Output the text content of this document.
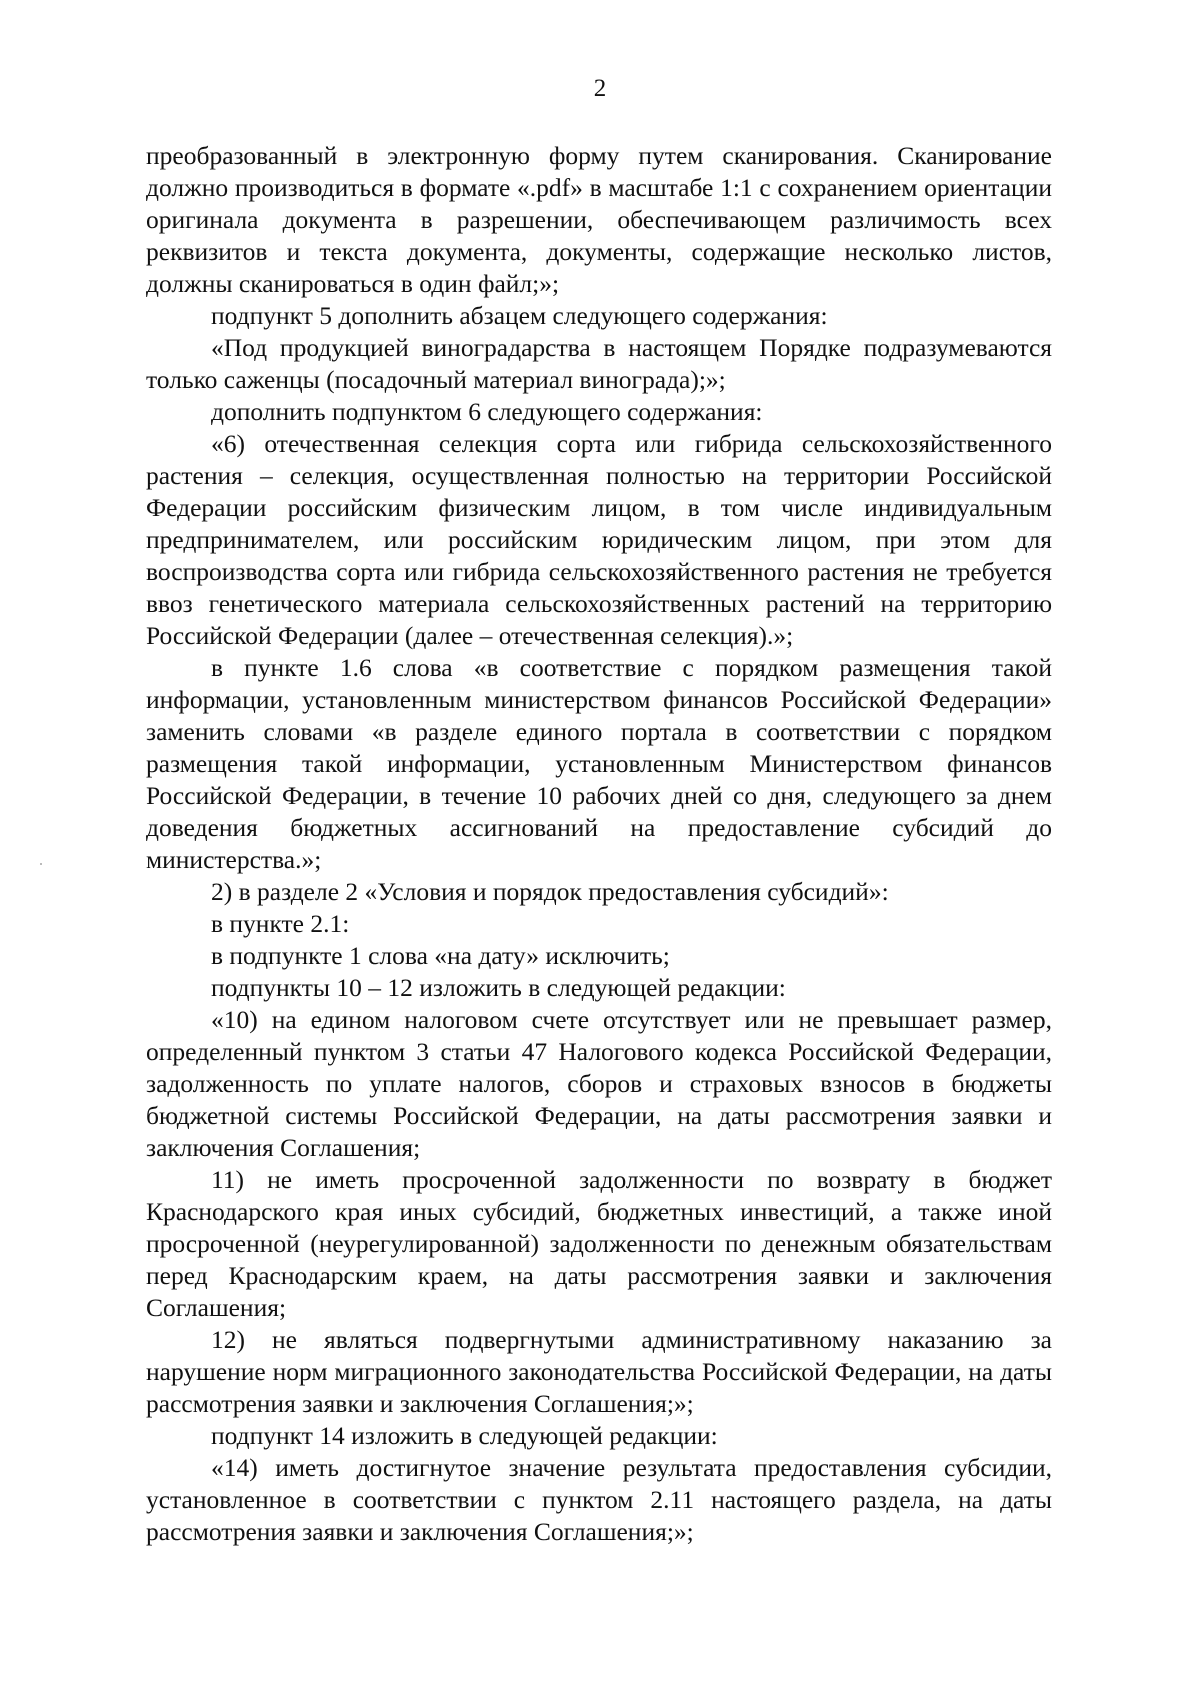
2

преобразованный в электронную форму путем сканирования. Сканирование должно производиться в формате «.pdf» в масштабе 1:1 с сохранением ориентации оригинала документа в разрешении, обеспечивающем различимость всех реквизитов и текста документа, документы, содержащие несколько листов, должны сканироваться в один файл;»;

подпункт 5 дополнить абзацем следующего содержания:

«Под продукцией виноградарства в настоящем Порядке подразумеваются только саженцы (посадочный материал винограда);»;

дополнить подпунктом 6 следующего содержания:

«6) отечественная селекция сорта или гибрида сельскохозяйственного растения – селекция, осуществленная полностью на территории Российской Федерации российским физическим лицом, в том числе индивидуальным предпринимателем, или российским юридическим лицом, при этом для воспроизводства сорта или гибрида сельскохозяйственного растения не требуется ввоз генетического материала сельскохозяйственных растений на территорию Российской Федерации (далее – отечественная селекция).»;

в пункте 1.6 слова «в соответствие с порядком размещения такой информации, установленным министерством финансов Российской Федерации» заменить словами «в разделе единого портала в соответствии с порядком размещения такой информации, установленным Министерством финансов Российской Федерации, в течение 10 рабочих дней со дня, следующего за днем доведения бюджетных ассигнований на предоставление субсидий до министерства.»;

2) в разделе 2 «Условия и порядок предоставления субсидий»:

в пункте 2.1:

в подпункте 1 слова «на дату» исключить;

подпункты 10 – 12 изложить в следующей редакции:

«10) на едином налоговом счете отсутствует или не превышает размер, определенный пунктом 3 статьи 47 Налогового кодекса Российской Федерации, задолженность по уплате налогов, сборов и страховых взносов в бюджеты бюджетной системы Российской Федерации, на даты рассмотрения заявки и заключения Соглашения;

11) не иметь просроченной задолженности по возврату в бюджет Краснодарского края иных субсидий, бюджетных инвестиций, а также иной просроченной (неурегулированной) задолженности по денежным обязательствам перед Краснодарским краем, на даты рассмотрения заявки и заключения Соглашения;

12) не являться подвергнутыми административному наказанию за нарушение норм миграционного законодательства Российской Федерации, на даты рассмотрения заявки и заключения Соглашения;»;

подпункт 14 изложить в следующей редакции:

«14) иметь достигнутое значение результата предоставления субсидии, установленное в соответствии с пунктом 2.11 настоящего раздела, на даты рассмотрения заявки и заключения Соглашения;»;
